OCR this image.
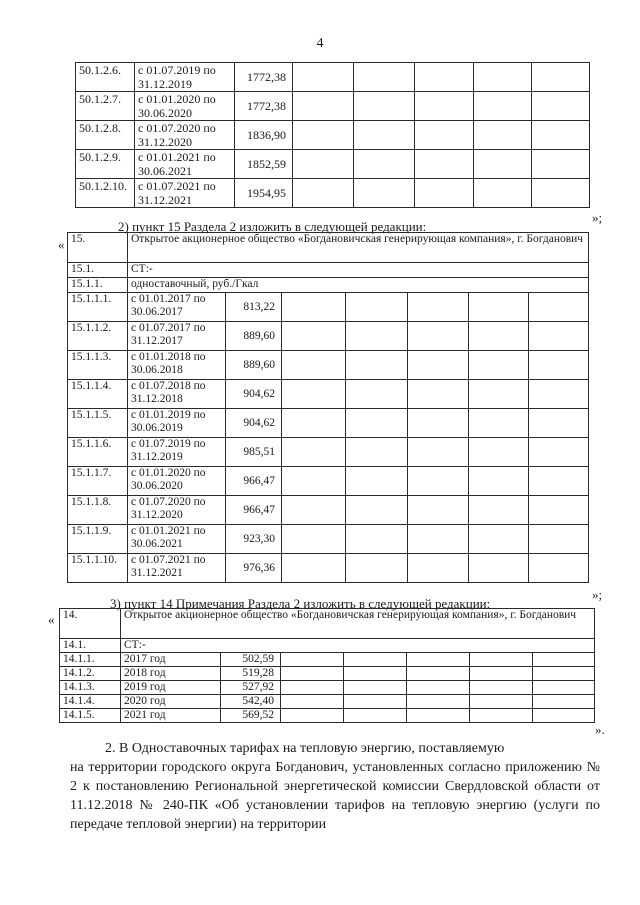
4
50.1.2.6.	с 01.07.2019 по 31.12.2019	1772,38					
50.1.2.7.	с 01.01.2020 по 30.06.2020	1772,38					
50.1.2.8.	с 01.07.2020 по 31.12.2020	1836,90					
50.1.2.9.	с 01.01.2021 по 30.06.2021	1852,59					
50.1.2.10.	с 01.07.2021 по 31.12.2021	1954,95					
»;
2) пункт 15 Раздела 2 изложить в следующей редакции:
« 15.	Открытое акционерное общество «Богдановичская генерирующая компания», г. Богданович						
15.1.	СТ:-						
15.1.1.	одноставочный, руб./Гкал						
15.1.1.1.	с 01.01.2017 по 30.06.2017	813,22					
15.1.1.2.	с 01.07.2017 по 31.12.2017	889,60					
15.1.1.3.	с 01.01.2018 по 30.06.2018	889,60					
15.1.1.4.	с 01.07.2018 по 31.12.2018	904,62					
15.1.1.5.	с 01.01.2019 по 30.06.2019	904,62					
15.1.1.6.	с 01.07.2019 по 31.12.2019	985,51					
15.1.1.7.	с 01.01.2020 по 30.06.2020	966,47					
15.1.1.8.	с 01.07.2020 по 31.12.2020	966,47					
15.1.1.9.	с 01.01.2021 по 30.06.2021	923,30					
15.1.1.10.	с 01.07.2021 по 31.12.2021	976,36					
»;
3) пункт 14 Примечания Раздела 2 изложить в следующей редакции:
« 14.	Открытое акционерное общество «Богдановичская генерирующая компания», г. Богданович						
14.1.	СТ:-						
14.1.1.	2017 год	502,59					
14.1.2.	2018 год	519,28					
14.1.3.	2019 год	527,92					
14.1.4.	2020 год	542,40					
14.1.5.	2021 год	569,52					
».

2. В Одноставочных тарифах на тепловую энергию, поставляемую
на территории городского округа Богданович, установленных согласно приложению № 2 к постановлению Региональной энергетической комиссии Свердловской области от 11.12.2018 № 240-ПК «Об установлении тарифов на тепловую энергию (услуги по передаче тепловой энергии) на территории
